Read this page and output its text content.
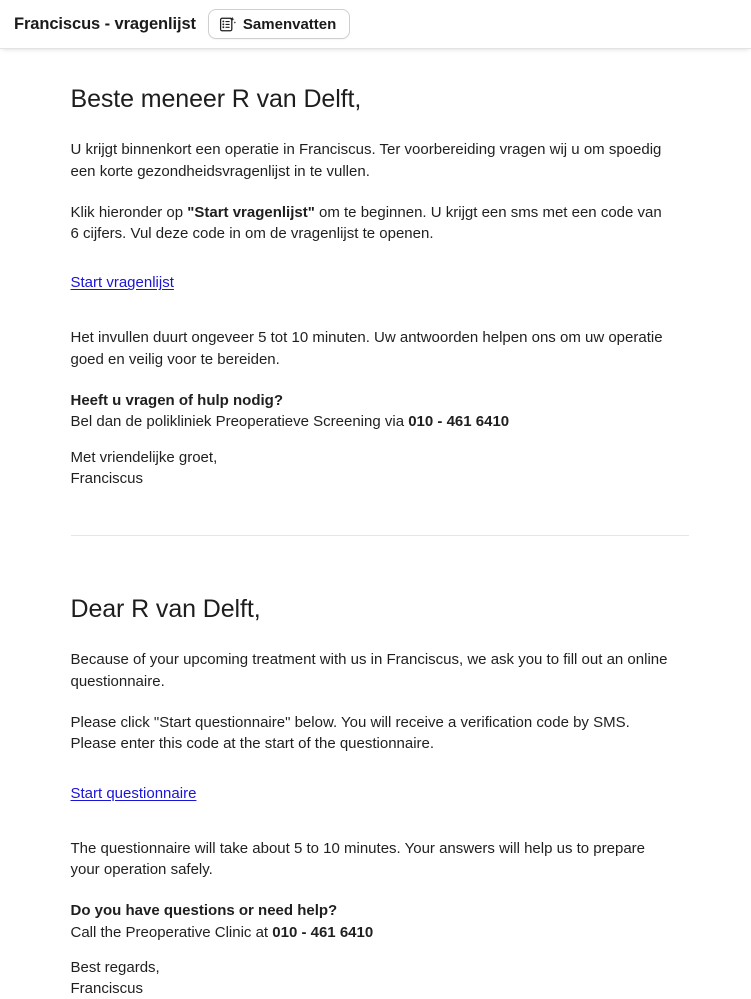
Franciscus - vragenlijst	Samenvatten
Beste meneer R van Delft,

U krijgt binnenkort een operatie in Franciscus. Ter voorbereiding vragen wij u om spoedig een korte gezondheidsvragenlijst in te vullen.

Klik hieronder op "Start vragenlijst" om te beginnen. U krijgt een sms met een code van 6 cijfers. Vul deze code in om de vragenlijst te openen.

Start vragenlijst

Het invullen duurt ongeveer 5 tot 10 minuten. Uw antwoorden helpen ons om uw operatie goed en veilig voor te bereiden.

Heeft u vragen of hulp nodig?

Bel dan de polikliniek Preoperatieve Screening via 010 - 461 6410

Met vriendelijke groet,

Franciscus

Dear R van Delft,

Because of your upcoming treatment with us in Franciscus, we ask you to fill out an online questionnaire.

Please click "Start questionnaire" below. You will receive a verification code by SMS. Please enter this code at the start of the questionnaire.

Start questionnaire

The questionnaire will take about 5 to 10 minutes. Your answers will help us to prepare your operation safely.

Do you have questions or need help?

Call the Preoperative Clinic at 010 - 461 6410

Best regards,

Franciscus
